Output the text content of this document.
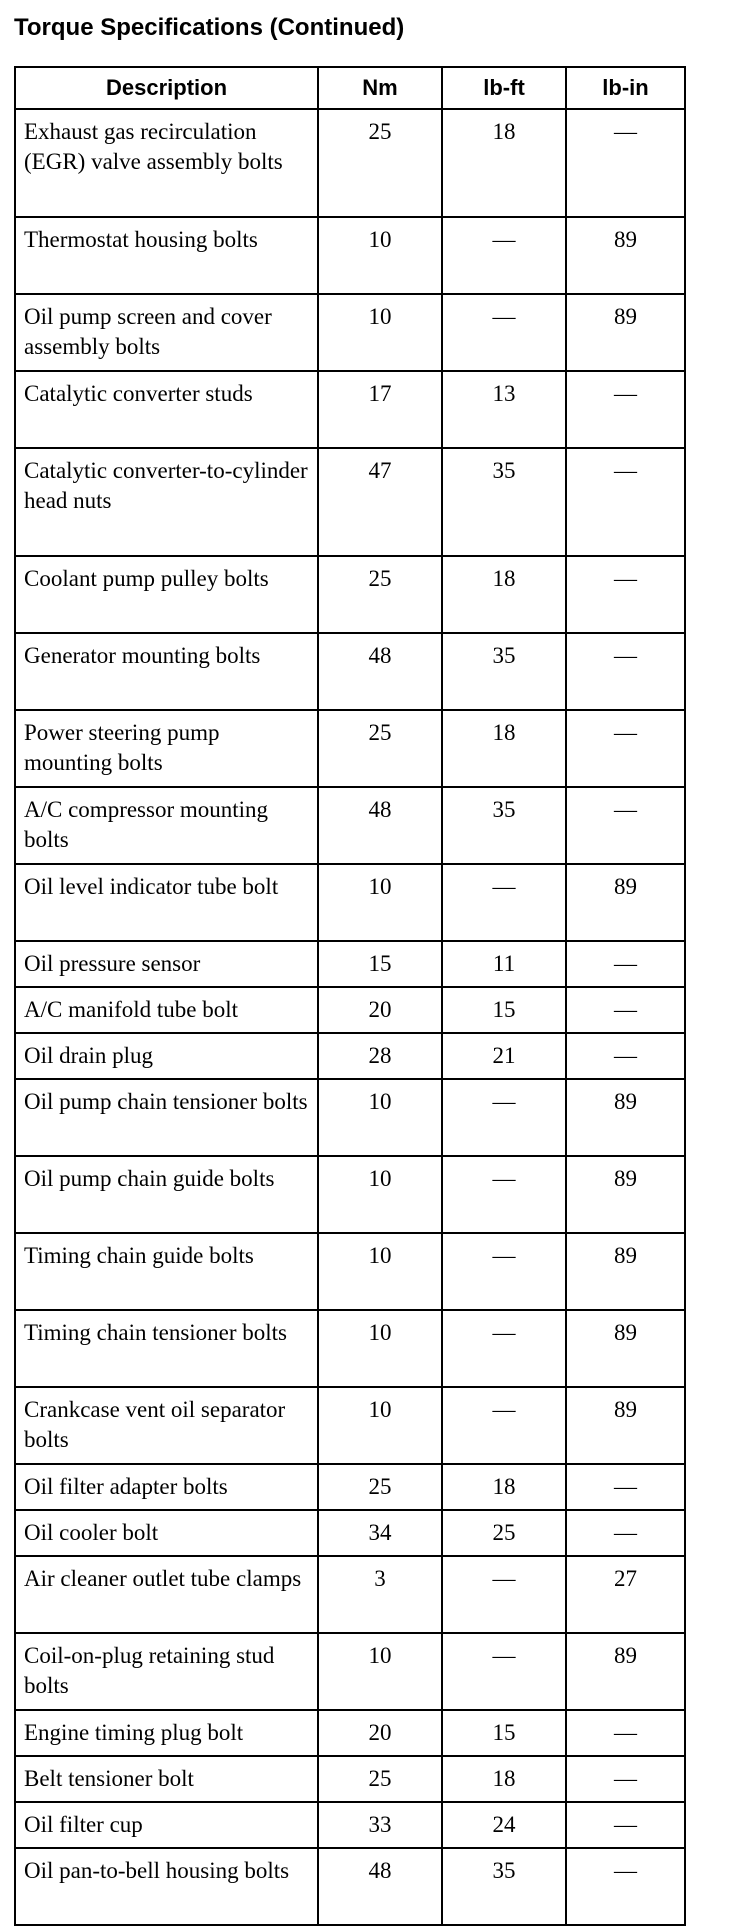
Torque Specifications (Continued)
Description	Nm	lb-ft	lb-in
Exhaust gas recirculation (EGR) valve assembly bolts	25	18	—
Thermostat housing bolts	10	—	89
Oil pump screen and cover assembly bolts	10	—	89
Catalytic converter studs	17	13	—
Catalytic converter-to-cylinder head nuts	47	35	—
Coolant pump pulley bolts	25	18	—
Generator mounting bolts	48	35	—
Power steering pump mounting bolts	25	18	—
A/C compressor mounting bolts	48	35	—
Oil level indicator tube bolt	10	—	89
Oil pressure sensor	15	11	—
A/C manifold tube bolt	20	15	—
Oil drain plug	28	21	—
Oil pump chain tensioner bolts	10	—	89
Oil pump chain guide bolts	10	—	89
Timing chain guide bolts	10	—	89
Timing chain tensioner bolts	10	—	89
Crankcase vent oil separator bolts	10	—	89
Oil filter adapter bolts	25	18	—
Oil cooler bolt	34	25	—
Air cleaner outlet tube clamps	3	—	27
Coil-on-plug retaining stud bolts	10	—	89
Engine timing plug bolt	20	15	—
Belt tensioner bolt	25	18	—
Oil filter cup	33	24	—
Oil pan-to-bell housing bolts	48	35	—
